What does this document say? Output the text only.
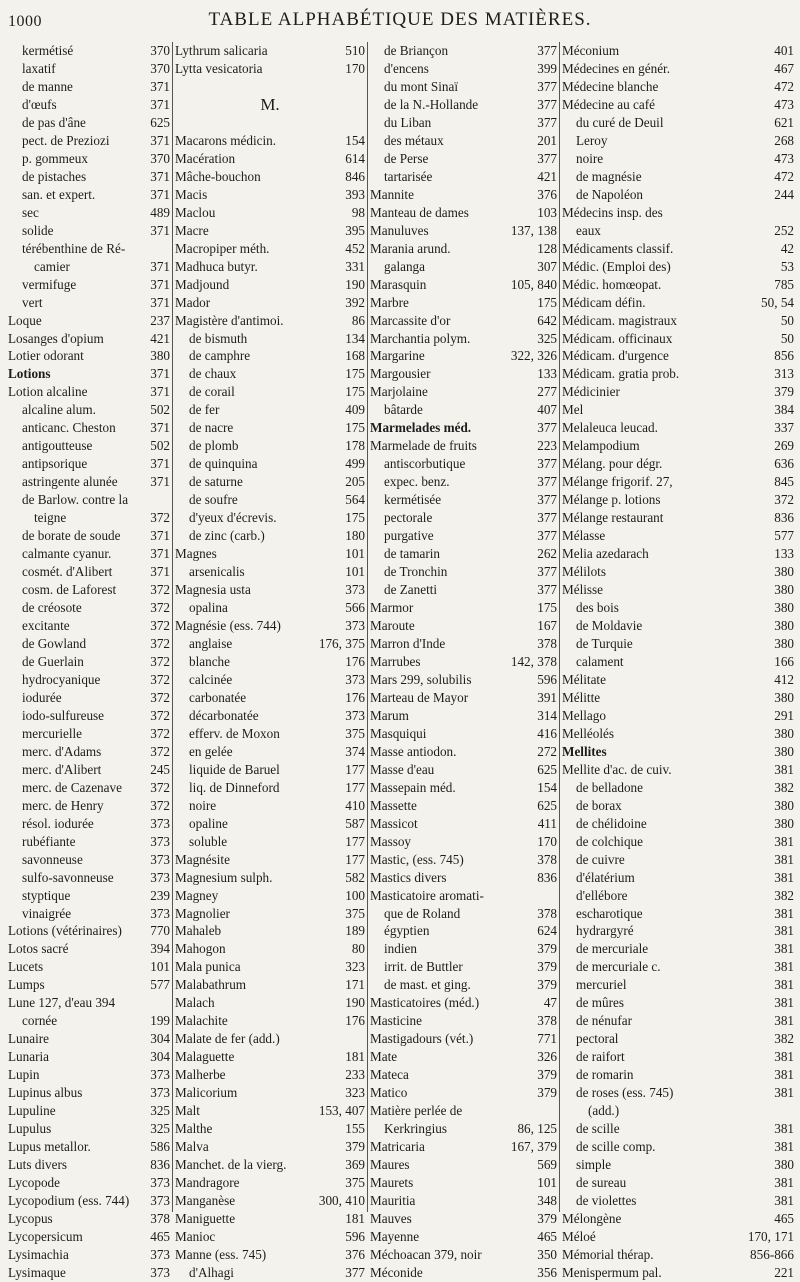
1000	TABLE ALPHABÉTIQUE DES MATIÈRES.
kermétisé	370
laxatif	370
de manne	371
d'œufs	371
de pas d'âne	625
pect. de Preziozi	371
p. gommeux	370
de pistaches	371
san. et expert.	371
sec	489
solide	371
térébenthine de Ré-
camier	371
vermifuge	371
vert	371
Loque	237
Losanges d'opium	421
Lotier odorant	380
Lotions	371
Lotion alcaline	371
alcaline alum.	502
anticanc. Cheston	371
antigoutteuse	502
antipsorique	371
astringente alunée	371
de Barlow. contre la
teigne	372
de borate de soude	371
calmante cyanur.	371
cosmét. d'Alibert	371
cosm. de Laforest	372
de créosote	372
excitante	372
de Gowland	372
de Guerlain	372
hydrocyanique	372
iodurée	372
iodo-sulfureuse	372
mercurielle	372
merc. d'Adams	372
merc. d'Alibert	245
merc. de Cazenave	372
merc. de Henry	372
résol. iodurée	373
rubéfiante	373
savonneuse	373
sulfo-savonneuse	373
styptique	239
vinaigrée	373
Lotions (vétérinaires)	770
Lotos sacré	394
Lucets	101
Lumps	577
Lune 127, d'eau 394
cornée	199
Lunaire	304
Lunaria	304
Lupin	373
Lupinus albus	373
Lupuline	325
Lupulus	325
Lupus metallor.	586
Luts divers	836
Lycopode	373
Lycopodium (ess. 744)	373
Lycopus	378
Lycopersicum	465
Lysimachia	373
Lysimaque	373
Lythrum salicaria	510
Lytta vesicatoria	170
M.
Macarons médicin.	154
Macération	614
Mâche-bouchon	846
Macis	393
Maclou	98
Macre	395
Macropiper méth.	452
Madhuca butyr.	331
Madjound	190
Mador	392
Magistère d'antimoi.	86
de bismuth	134
de camphre	168
de chaux	175
de corail	175
de fer	409
de nacre	175
de plomb	178
de quinquina	499
de saturne	205
de soufre	564
d'yeux d'écrevis.	175
de zinc (carb.)	180
Magnes	101
arsenicalis	101
Magnesia usta	373
opalina	566
Magnésie (ess. 744)	373
anglaise	176, 375
blanche	176
calcinée	373
carbonatée	176
décarbonatée	373
efferv. de Moxon	375
en gelée	374
liquide de Baruel	177
liq. de Dinneford	177
noire	410
opaline	587
soluble	177
Magnésite	177
Magnesium sulph.	582
Magney	100
Magnolier	375
Mahaleb	189
Mahogon	80
Mala punica	323
Malabathrum	171
Malach	190
Malachite	176
Malate de fer (add.)
Malaguette	181
Malherbe	233
Malicorium	323
Malt	153, 407
Malthe	155
Malva	379
Manchet. de la vierg.	369
Mandragore	375
Manganèse	300, 410
Maniguette	181
Manioc	596
Manne (ess. 745)	376
d'Alhagi	377
de Briançon	377
d'encens	399
du mont Sinaï	377
de la N.-Hollande	377
du Liban	377
des métaux	201
de Perse	377
tartarisée	421
Mannite	376
Manteau de dames	103
Manuluves	137, 138
Marania arund.	128
galanga	307
Marasquin	105, 840
Marbre	175
Marcassite d'or	642
Marchantia polym.	325
Margarine	322, 326
Margousier	133
Marjolaine	277
bâtarde	407
Marmelades méd.	377
Marmelade de fruits	223
antiscorbutique	377
expec. benz.	377
kermétisée	377
pectorale	377
purgative	377
de tamarin	262
de Tronchin	377
de Zanetti	377
Marmor	175
Maroute	167
Marron d'Inde	378
Marrubes	142, 378
Mars 299, solubilis	596
Marteau de Mayor	391
Marum	314
Masquiqui	416
Masse antiodon.	272
Masse d'eau	625
Massepain méd.	154
Massette	625
Massicot	411
Massoy	170
Mastic, (ess. 745)	378
Mastics divers	836
Masticatoire aromati-
que de Roland	378
égyptien	624
indien	379
irrit. de Buttler	379
de mast. et ging.	379
Masticatoires (méd.)	47
Masticine	378
Mastigadours (vét.)	771
Mate	326
Mateca	379
Matico	379
Matière perlée de
Kerkringius	86, 125
Matricaria	167, 379
Maures	569
Maurets	101
Mauritia	348
Mauves	379
Mayenne	465
Méchoacan 379, noir	350
Méconide	356
Méconium	401
Médecines en génér.	467
Médecine blanche	472
Médecine au café	473
du curé de Deuil	621
Leroy	268
noire	473
de magnésie	472
de Napoléon	244
Médecins insp. des
eaux	252
Médicaments classif.	42
Médic. (Emploi des)	53
Médic. homœopat.	785
Médicam défin.	50, 54
Médicam. magistraux	50
Médicam. officinaux	50
Médicam. d'urgence	856
Médicam. gratia prob.	313
Médicinier	379
Mel	384
Melaleuca leucad.	337
Melampodium	269
Mélang. pour dégr.	636
Mélange frigorif. 27,	845
Mélange p. lotions	372
Mélange restaurant	836
Mélasse	577
Melia azedarach	133
Mélilots	380
Mélisse	380
des bois	380
de Moldavie	380
de Turquie	380
calament	166
Mélitate	412
Mélitte	380
Mellago	291
Melléolés	380
Mellites	380
Mellite d'ac. de cuiv.	381
de belladone	382
de borax	380
de chélidoine	380
de colchique	381
de cuivre	381
d'élatérium	381
d'ellébore	382
escharotique	381
hydrargyré	381
de mercuriale	381
de mercuriale c.	381
mercuriel	381
de mûres	381
de nénufar	381
pectoral	382
de raifort	381
de romarin	381
de roses (ess. 745)	381
(add.)
de scille	381
de scille comp.	381
simple	380
de sureau	381
de violettes	381
Mélongène	465
Méloé	170, 171
Mémorial thérap.	856-866
Menispermum pal.	221
